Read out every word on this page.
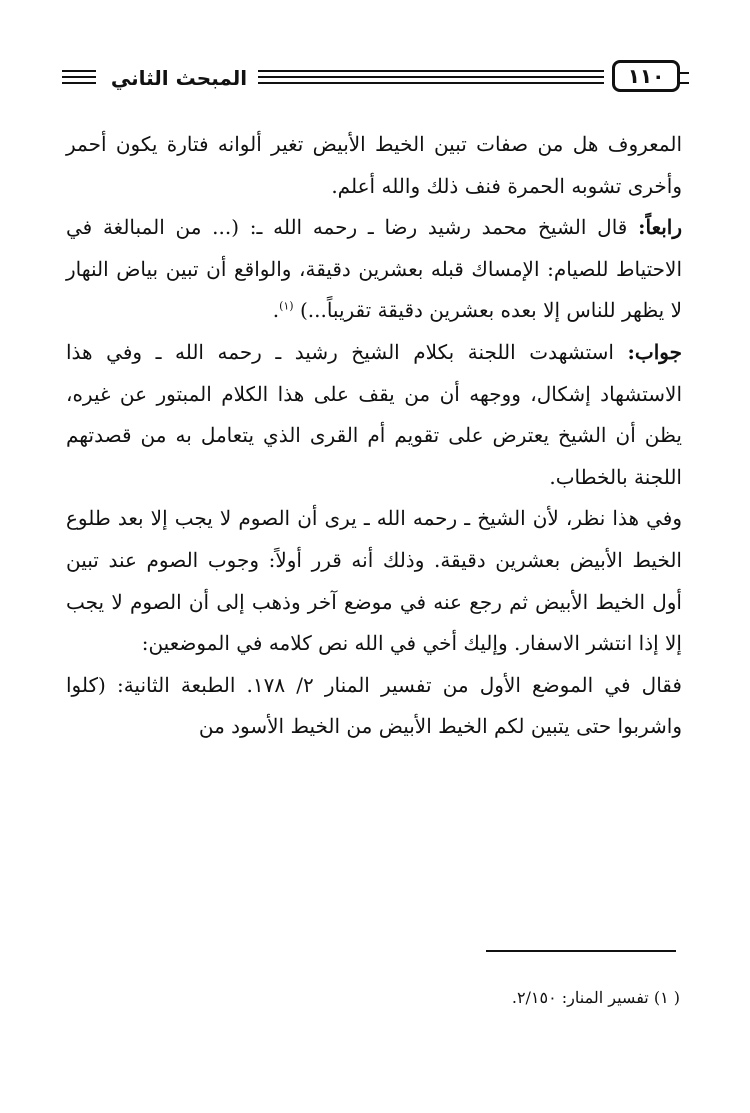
المبحث الثاني	١١٠

المعروف هل من صفات تبين الخيط الأبيض تغير ألوانه فتارة يكون أحمر وأخرى تشوبه الحمرة فنف ذلك والله أعلم.

رابعاً: قال الشيخ محمد رشيد رضا ـ رحمه الله ـ: (... من المبالغة في الاحتياط للصيام: الإمساك قبله بعشرين دقيقة، والواقع أن تبين بياض النهار لا يظهر للناس إلا بعده بعشرين دقيقة تقريباً...) $^{(١)}$.

جواب: استشهدت اللجنة بكلام الشيخ رشيد ـ رحمه الله ـ وفي هذا الاستشهاد إشكال، ووجهه أن من يقف على هذا الكلام المبتور عن غيره، يظن أن الشيخ يعترض على تقويم أم القرى الذي يتعامل به من قصدتهم اللجنة بالخطاب.

وفي هذا نظر، لأن الشيخ ـ رحمه الله ـ يرى أن الصوم لا يجب إلا بعد طلوع الخيط الأبيض بعشرين دقيقة. وذلك أنه قرر أولاً: وجوب الصوم عند تبين أول الخيط الأبيض ثم رجع عنه في موضع آخر وذهب إلى أن الصوم لا يجب إلا إذا انتشر الاسفار. وإليك أخي في الله نص كلامه في الموضعين:

فقال في الموضع الأول من تفسير المنار ٢/ ١٧٨. الطبعة الثانية: (كلوا واشربوا حتى يتبين لكم الخيط الأبيض من الخيط الأسود من

( ١) تفسير المنار: ٢/١٥٠.
